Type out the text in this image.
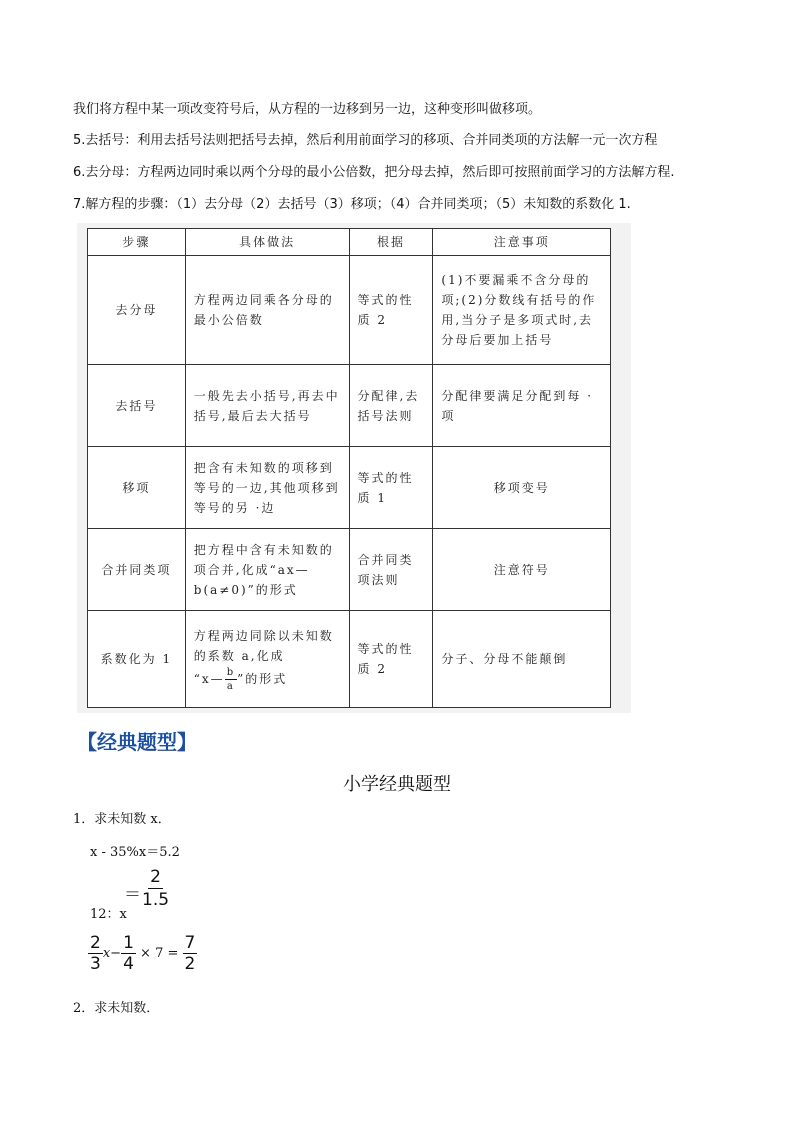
我们将方程中某一项改变符号后，从方程的一边移到另一边，这种变形叫做移项。
5.去括号：利用去括号法则把括号去掉，然后利用前面学习的移项、合并同类项的方法解一元一次方程
6.去分母：方程两边同时乘以两个分母的最小公倍数，把分母去掉，然后即可按照前面学习的方法解方程.
7.解方程的步骤：（1）去分母（2）去括号（3）移项；（4）合并同类项；（5）未知数的系数化 1.
步骤	具体做法	根据	注意事项
去分母	方程两边同乘各分母的最小公倍数	等式的性质 2	(1)不要漏乘不含分母的项;(2)分数线有括号的作用,当分子是多项式时,去分母后要加上括号
去括号	一般先去小括号,再去中括号,最后去大括号	分配律,去括号法则	分配律要满足分配到每 ·项
移项	把含有未知数的项移到等号的一边,其他项移到等号的另 ·边	等式的性质 1	移项变号
合并同类项	把方程中含有未知数的项合并,化成“ax—b(a≠0)”的形式	合并同类项法则	注意符号
系数化为 1	方程两边同除以未知数的系数 a,化成
“x— $\frac{b}{a}$ ”的形式	等式的性质 2	分子、分母不能颠倒
【经典题型】
小学经典题型
1．求未知数 x．
x - 35%x＝5.2
12：x
＝ $\frac{2}{1.5}$
$\frac{2}{3} x- \frac{1}{4} \times 7 = \frac{7}{2}$
2．求未知数．
